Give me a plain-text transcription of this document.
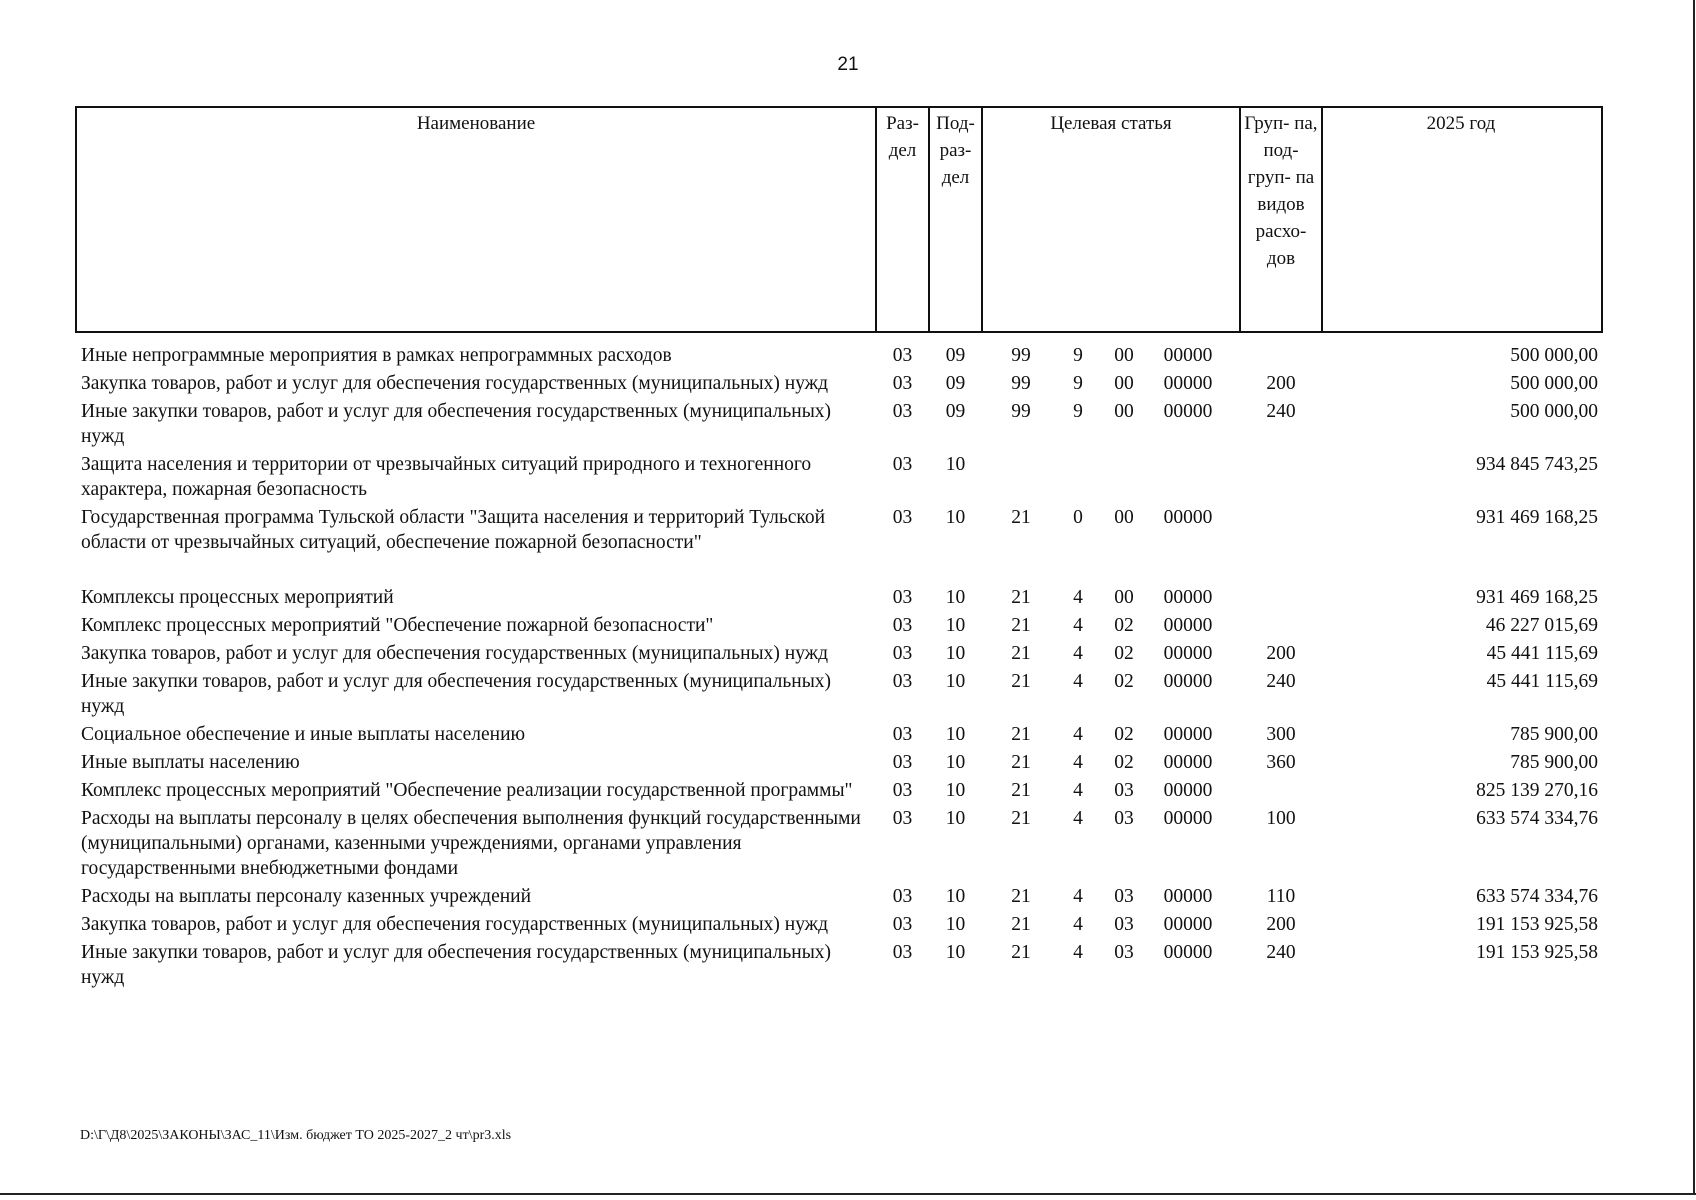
21
Наименование	Раз- дел	Под- раз- дел	Целевая статья	Груп- па, под- груп- па видов расхо- дов	2025 год
Иные непрограммные мероприятия в рамках непрограммных расходов	03	09	99 9 00 00000		500 000,00
Закупка товаров, работ и услуг для обеспечения государственных (муниципальных) нужд	03	09	99 9 00 00000	200	500 000,00
Иные закупки товаров, работ и услуг для обеспечения государственных (муниципальных) нужд	03	09	99 9 00 00000	240	500 000,00
Защита населения и территории от чрезвычайных ситуаций природного и техногенного характера, пожарная безопасность	03	10			934 845 743,25
Государственная программа Тульской области "Защита населения и территорий Тульской области от чрезвычайных ситуаций, обеспечение пожарной безопасности"	03	10	21 0 00 00000		931 469 168,25
Комплексы процессных мероприятий	03	10	21 4 00 00000		931 469 168,25
Комплекс процессных мероприятий "Обеспечение пожарной безопасности"	03	10	21 4 02 00000		46 227 015,69
Закупка товаров, работ и услуг для обеспечения государственных (муниципальных) нужд	03	10	21 4 02 00000	200	45 441 115,69
Иные закупки товаров, работ и услуг для обеспечения государственных (муниципальных) нужд	03	10	21 4 02 00000	240	45 441 115,69
Социальное обеспечение и иные выплаты населению	03	10	21 4 02 00000	300	785 900,00
Иные выплаты населению	03	10	21 4 02 00000	360	785 900,00
Комплекс процессных мероприятий "Обеспечение реализации государственной программы"	03	10	21 4 03 00000		825 139 270,16
Расходы на выплаты персоналу в целях обеспечения выполнения функций государственными (муниципальными) органами, казенными учреждениями, органами управления государственными внебюджетными фондами	03	10	21 4 03 00000	100	633 574 334,76
Расходы на выплаты персоналу казенных учреждений	03	10	21 4 03 00000	110	633 574 334,76
Закупка товаров, работ и услуг для обеспечения государственных (муниципальных) нужд	03	10	21 4 03 00000	200	191 153 925,58
Иные закупки товаров, работ и услуг для обеспечения государственных (муниципальных) нужд	03	10	21 4 03 00000	240	191 153 925,58
D:\Г\Д8\2025\ЗАКОНЫ\ЗАС_11\Изм. бюджет ТО 2025-2027_2 чт\pr3.xls
